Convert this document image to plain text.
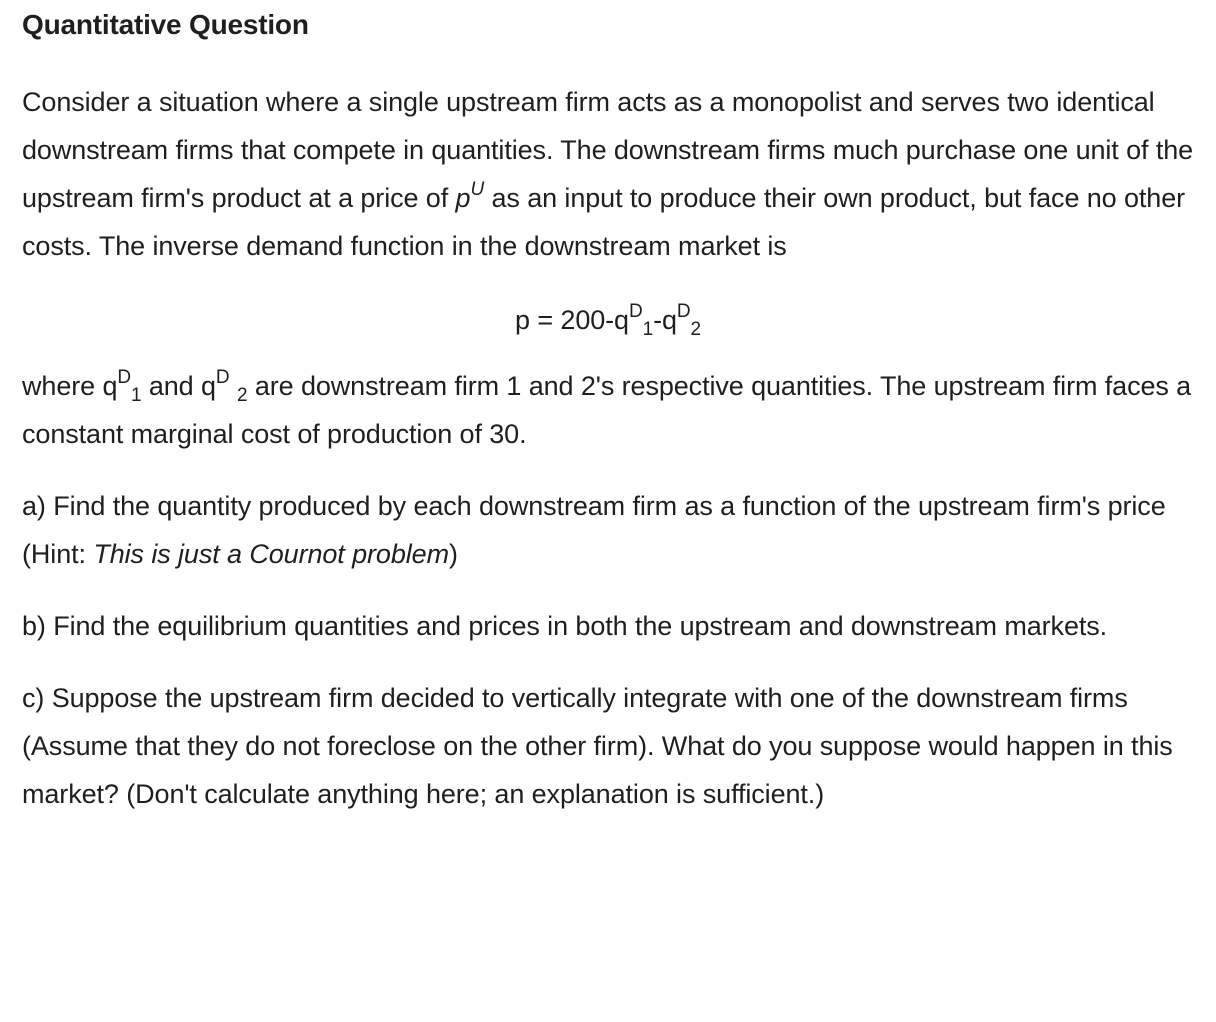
Quantitative Question

Consider a situation where a single upstream firm acts as a monopolist and serves two identical downstream firms that compete in quantities. The downstream firms much purchase one unit of the upstream firm's product at a price of $p^U$ as an input to produce their own product, but face no other costs. The inverse demand function in the downstream market is

$p = 200-q^D_1-q^D_2$

where $q^D_1$ and $q^D$ $_2$ are downstream firm 1 and 2's respective quantities. The upstream firm faces a constant marginal cost of production of 30.

a) Find the quantity produced by each downstream firm as a function of the upstream firm's price (Hint: This is just a Cournot problem)

b) Find the equilibrium quantities and prices in both the upstream and downstream markets.

c) Suppose the upstream firm decided to vertically integrate with one of the downstream firms (Assume that they do not foreclose on the other firm). What do you suppose would happen in this market? (Don't calculate anything here; an explanation is sufficient.)
